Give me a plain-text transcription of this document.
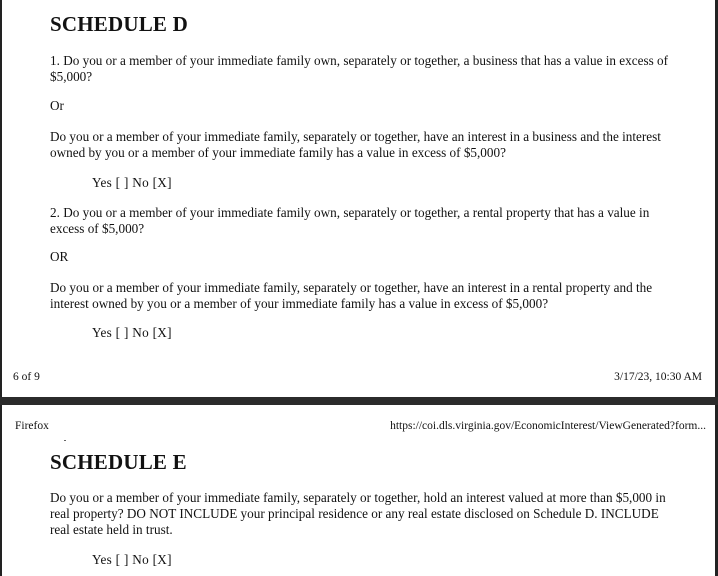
SCHEDULE D

1. Do you or a member of your immediate family own, separately or together, a business that has a value in excess of $5,000?

Or

Do you or a member of your immediate family, separately or together, have an interest in a business and the interest owned by you or a member of your immediate family has a value in excess of $5,000?

Yes [ ] No [X]

2. Do you or a member of your immediate family own, separately or together, a rental property that has a value in excess of $5,000?

OR

Do you or a member of your immediate family, separately or together, have an interest in a rental property and the interest owned by you or a member of your immediate family has a value in excess of $5,000?

Yes [ ] No [X]

6 of 9	3/17/23, 10:30 AM
Firefox	https://coi.dls.virginia.gov/EconomicInterest/ViewGenerated?form...
SCHEDULE E

Do you or a member of your immediate family, separately or together, hold an interest valued at more than $5,000 in real property? DO NOT INCLUDE your principal residence or any real estate disclosed on Schedule D. INCLUDE real estate held in trust.

Yes [ ] No [X]
